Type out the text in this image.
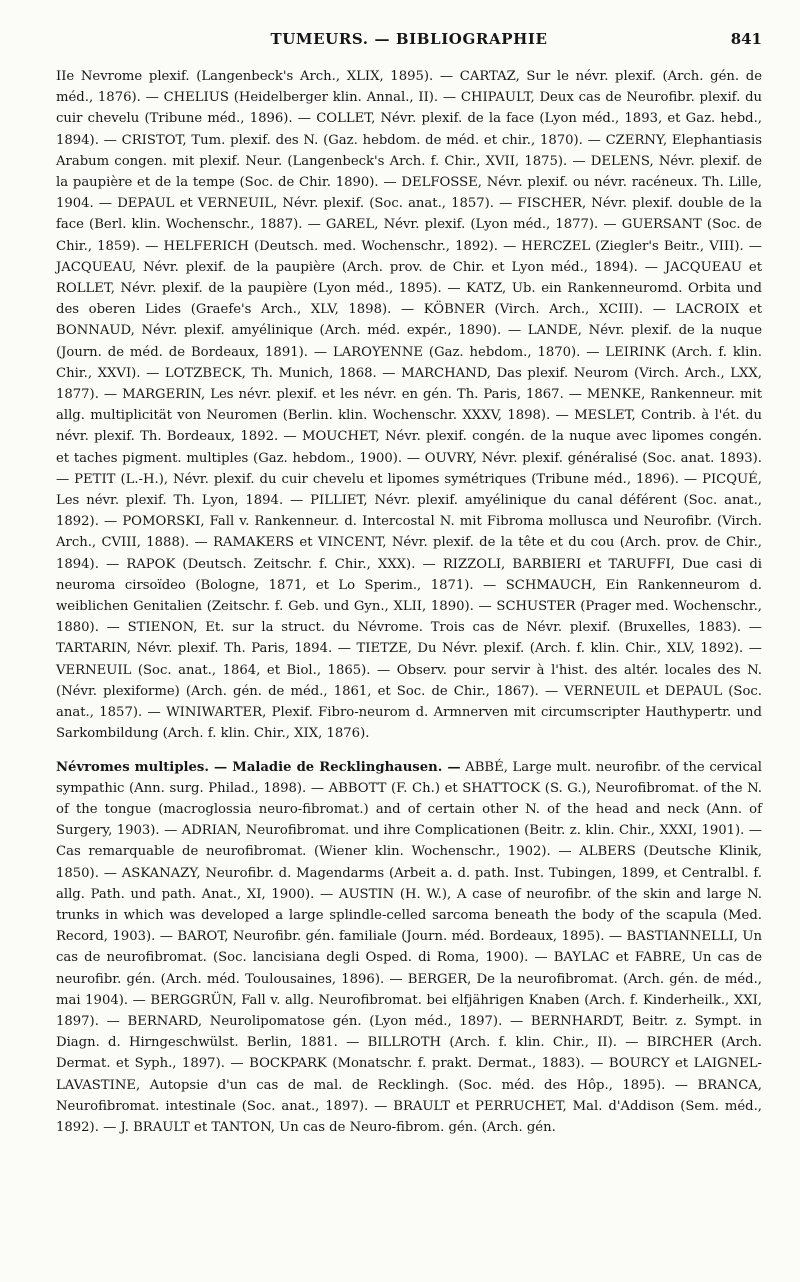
TUMEURS. — BIBLIOGRAPHIE	841

IIe Nevrome plexif. (Langenbeck's Arch., XLIX, 1895). — CARTAZ, Sur le névr. plexif. (Arch. gén. de méd., 1876). — CHELIUS (Heidelberger klin. Annal., II). — CHIPAULT, Deux cas de Neurofibr. plexif. du cuir chevelu (Tribune méd., 1896). — COLLET, Névr. plexif. de la face (Lyon méd., 1893, et Gaz. hebd., 1894). — CRISTOT, Tum. plexif. des N. (Gaz. hebdom. de méd. et chir., 1870). — CZERNY, Elephantiasis Arabum congen. mit plexif. Neur. (Langenbeck's Arch. f. Chir., XVII, 1875). — DELENS, Névr. plexif. de la paupière et de la tempe (Soc. de Chir. 1890). — DELFOSSE, Névr. plexif. ou névr. racéneux. Th. Lille, 1904. — DEPAUL et VERNEUIL, Névr. plexif. (Soc. anat., 1857). — FISCHER, Névr. plexif. double de la face (Berl. klin. Wochenschr., 1887). — GAREL, Névr. plexif. (Lyon méd., 1877). — GUERSANT (Soc. de Chir., 1859). — HELFERICH (Deutsch. med. Wochenschr., 1892). — HERCZEL (Ziegler's Beitr., VIII). — JACQUEAU, Névr. plexif. de la paupière (Arch. prov. de Chir. et Lyon méd., 1894). — JACQUEAU et ROLLET, Névr. plexif. de la paupière (Lyon méd., 1895). — KATZ, Ub. ein Rankenneuromd. Orbita und des oberen Lides (Graefe's Arch., XLV, 1898). — KÖBNER (Virch. Arch., XCIII). — LACROIX et BONNAUD, Névr. plexif. amyélinique (Arch. méd. expér., 1890). — LANDE, Névr. plexif. de la nuque (Journ. de méd. de Bordeaux, 1891). — LAROYENNE (Gaz. hebdom., 1870). — LEIRINK (Arch. f. klin. Chir., XXVI). — LOTZBECK, Th. Munich, 1868. — MARCHAND, Das plexif. Neurom (Virch. Arch., LXX, 1877). — MARGERIN, Les névr. plexif. et les névr. en gén. Th. Paris, 1867. — MENKE, Rankenneur. mit allg. multiplicität von Neuromen (Berlin. klin. Wochenschr. XXXV, 1898). — MESLET, Contrib. à l'ét. du névr. plexif. Th. Bordeaux, 1892. — MOUCHET, Névr. plexif. congén. de la nuque avec lipomes congén. et taches pigment. multiples (Gaz. hebdom., 1900). — OUVRY, Névr. plexif. généralisé (Soc. anat. 1893). — PETIT (L.-H.), Névr. plexif. du cuir chevelu et lipomes symétriques (Tribune méd., 1896). — PICQUÉ, Les névr. plexif. Th. Lyon, 1894. — PILLIET, Névr. plexif. amyélinique du canal déférent (Soc. anat., 1892). — POMORSKI, Fall v. Rankenneur. d. Intercostal N. mit Fibroma mollusca und Neurofibr. (Virch. Arch., CVIII, 1888). — RAMAKERS et VINCENT, Névr. plexif. de la tête et du cou (Arch. prov. de Chir., 1894). — RAPOK (Deutsch. Zeitschr. f. Chir., XXX). — RIZZOLI, BARBIERI et TARUFFI, Due casi di neuroma cirsoïdeo (Bologne, 1871, et Lo Sperim., 1871). — SCHMAUCH, Ein Rankenneurom d. weiblichen Genitalien (Zeitschr. f. Geb. und Gyn., XLII, 1890). — SCHUSTER (Prager med. Wochenschr., 1880). — STIENON, Et. sur la struct. du Névrome. Trois cas de Névr. plexif. (Bruxelles, 1883). — TARTARIN, Névr. plexif. Th. Paris, 1894. — TIETZE, Du Névr. plexif. (Arch. f. klin. Chir., XLV, 1892). — VERNEUIL (Soc. anat., 1864, et Biol., 1865). — Observ. pour servir à l'hist. des altér. locales des N. (Névr. plexiforme) (Arch. gén. de méd., 1861, et Soc. de Chir., 1867). — VERNEUIL et DEPAUL (Soc. anat., 1857). — WINIWARTER, Plexif. Fibro-neurom d. Armnerven mit circumscripter Hauthypertr. und Sarkombildung (Arch. f. klin. Chir., XIX, 1876).

Névromes multiples. — Maladie de Recklinghausen. — ABBÉ, Large mult. neurofibr. of the cervical sympathic (Ann. surg. Philad., 1898). — ABBOTT (F. Ch.) et SHATTOCK (S. G.), Neurofibromat. of the N. of the tongue (macroglossia neuro-fibromat.) and of certain other N. of the head and neck (Ann. of Surgery, 1903). — ADRIAN, Neurofibromat. und ihre Complicationen (Beitr. z. klin. Chir., XXXI, 1901). — Cas remarquable de neurofibromat. (Wiener klin. Wochenschr., 1902). — ALBERS (Deutsche Klinik, 1850). — ASKANAZY, Neurofibr. d. Magendarms (Arbeit a. d. path. Inst. Tubingen, 1899, et Centralbl. f. allg. Path. und path. Anat., XI, 1900). — AUSTIN (H. W.), A case of neurofibr. of the skin and large N. trunks in which was developed a large splindle-celled sarcoma beneath the body of the scapula (Med. Record, 1903). — BAROT, Neurofibr. gén. familiale (Journ. méd. Bordeaux, 1895). — BASTIANNELLI, Un cas de neurofibromat. (Soc. lancisiana degli Osped. di Roma, 1900). — BAYLAC et FABRE, Un cas de neurofibr. gén. (Arch. méd. Toulousaines, 1896). — BERGER, De la neurofibromat. (Arch. gén. de méd., mai 1904). — BERGGRÜN, Fall v. allg. Neurofibromat. bei elfjährigen Knaben (Arch. f. Kinderheilk., XXI, 1897). — BERNARD, Neurolipomatose gén. (Lyon méd., 1897). — BERNHARDT, Beitr. z. Sympt. in Diagn. d. Hirngeschwülst. Berlin, 1881. — BILLROTH (Arch. f. klin. Chir., II). — BIRCHER (Arch. Dermat. et Syph., 1897). — BOCKPARK (Monatschr. f. prakt. Dermat., 1883). — BOURCY et LAIGNEL-LAVASTINE, Autopsie d'un cas de mal. de Recklingh. (Soc. méd. des Hôp., 1895). — BRANCA, Neurofibromat. intestinale (Soc. anat., 1897). — BRAULT et PERRUCHET, Mal. d'Addison (Sem. méd., 1892). — J. BRAULT et TANTON, Un cas de Neuro-fibrom. gén. (Arch. gén.
